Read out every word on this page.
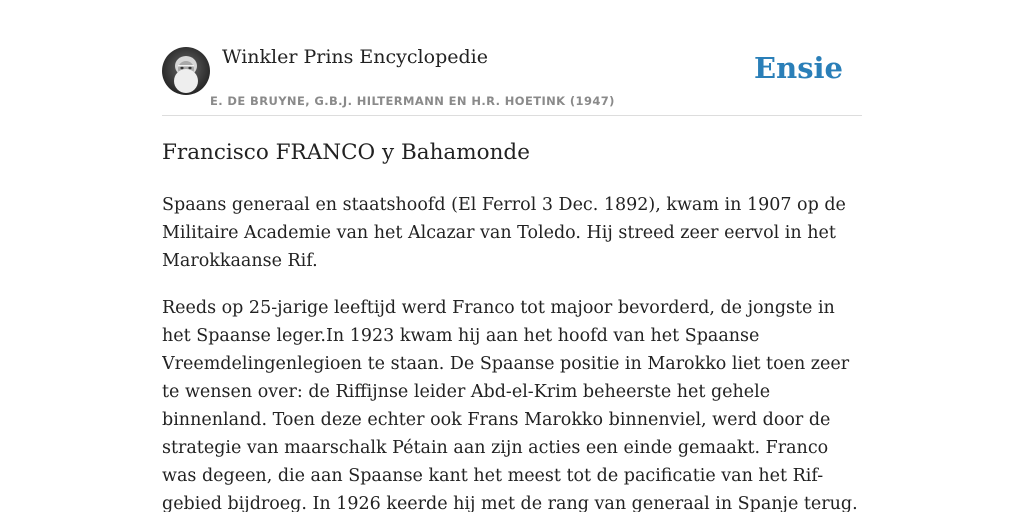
Winkler Prins Encyclopedie
E. DE BRUYNE, G.B.J. HILTERMANN EN H.R. HOETINK (1947)
Ensie
Francisco FRANCO y Bahamonde

Spaans generaal en staatshoofd (El Ferrol 3 Dec. 1892), kwam in 1907 op de Militaire Academie van het Alcazar van Toledo. Hij streed zeer eervol in het Marokkaanse Rif.

Reeds op 25-jarige leeftijd werd Franco tot majoor bevorderd, de jongste in het Spaanse leger.In 1923 kwam hij aan het hoofd van het Spaanse Vreemdelingenlegioen te staan. De Spaanse positie in Marokko liet toen zeer te wensen over: de Riffijnse leider Abd-el-Krim beheerste het gehele binnenland. Toen deze echter ook Frans Marokko binnenviel, werd door de strategie van maarschalk Pétain aan zijn acties een einde gemaakt. Franco was degeen, die aan Spaanse kant het meest tot de pacificatie van het Rif-gebied bijdroeg. In 1926 keerde hij met de rang van generaal in Spanje terug.
